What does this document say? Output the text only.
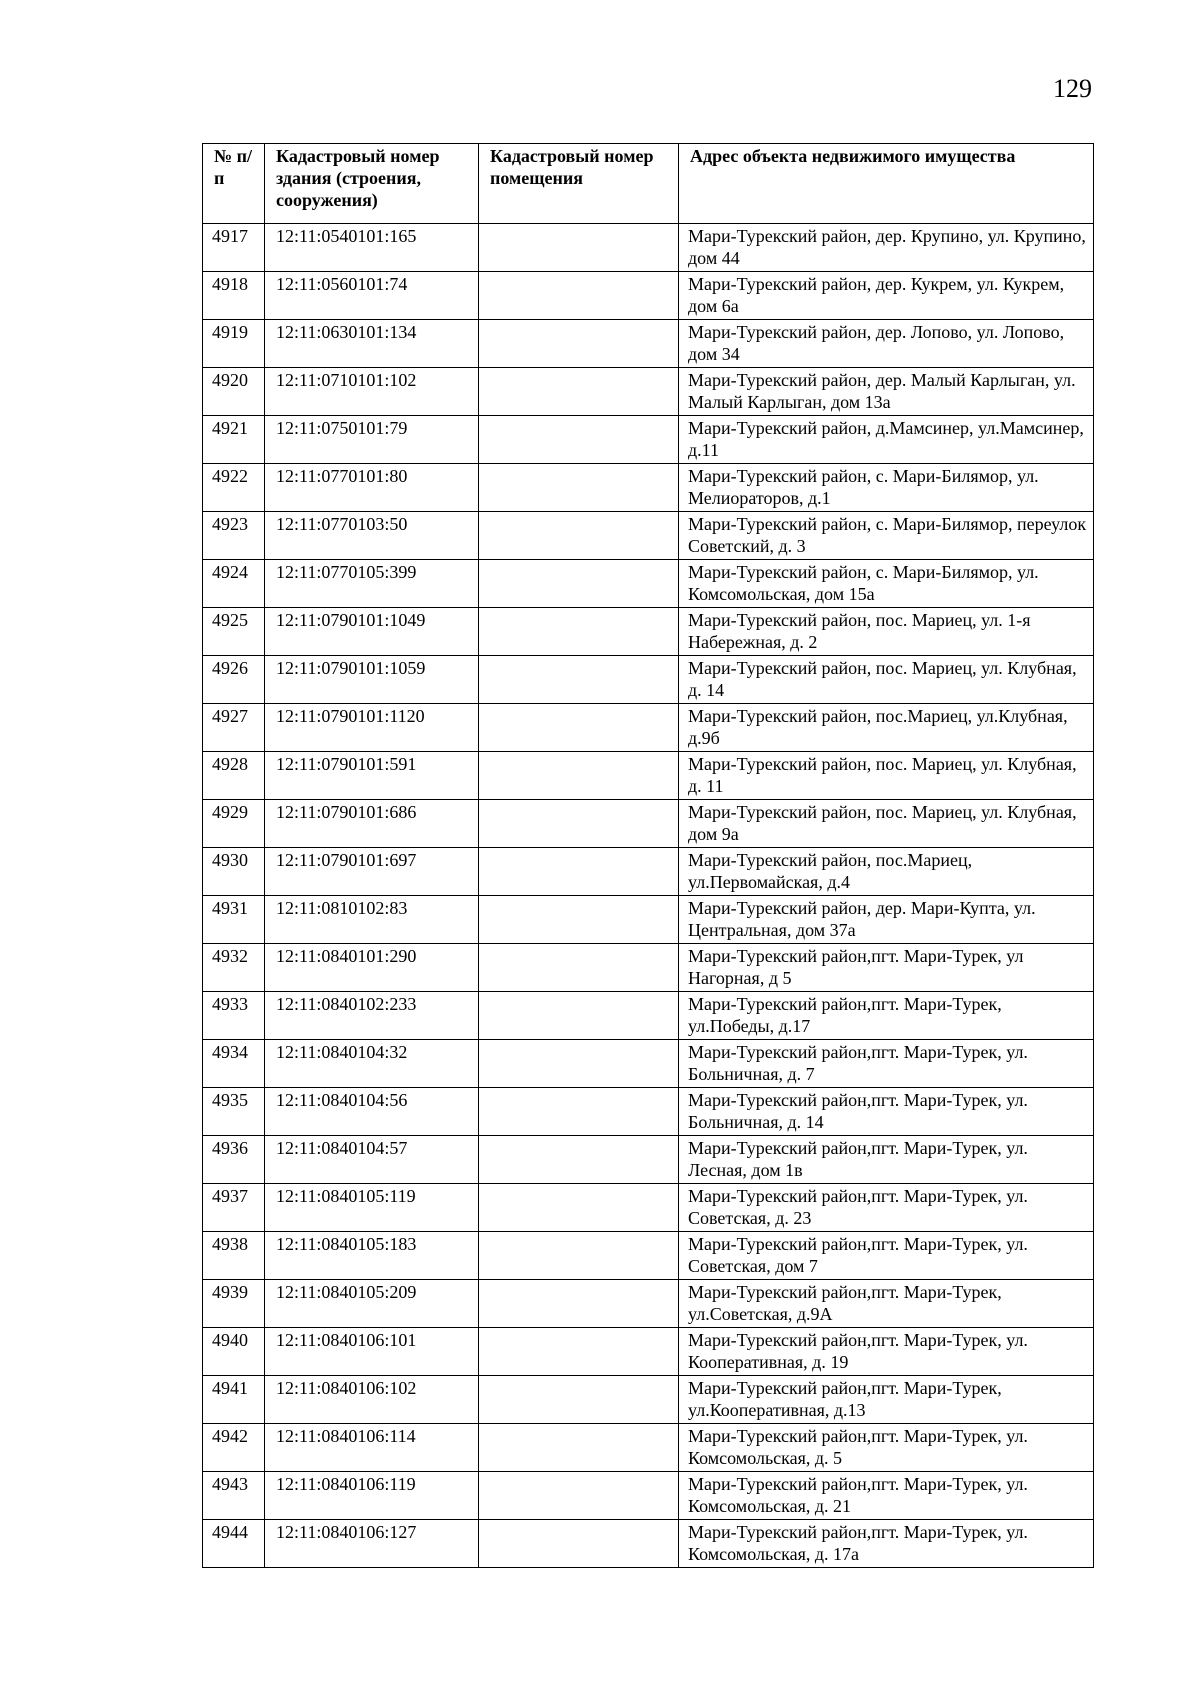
129
№ п/п	Кадастровый номер здания (строения, сооружения)	Кадастровый номер помещения	Адрес объекта недвижимого имущества
4917	12:11:0540101:165		Мари-Турекский район, дер. Крупино, ул. Крупино, дом 44
4918	12:11:0560101:74		Мари-Турекский район, дер. Кукрем, ул. Кукрем, дом 6а
4919	12:11:0630101:134		Мари-Турекский район, дер. Лопово, ул. Лопово, дом 34
4920	12:11:0710101:102		Мари-Турекский район, дер. Малый Карлыган, ул. Малый Карлыган, дом 13а
4921	12:11:0750101:79		Мари-Турекский район, д.Мамсинер, ул.Мамсинер, д.11
4922	12:11:0770101:80		Мари-Турекский район, с. Мари-Билямор, ул. Мелиораторов, д.1
4923	12:11:0770103:50		Мари-Турекский район, с. Мари-Билямор, переулок Советский, д. 3
4924	12:11:0770105:399		Мари-Турекский район, с. Мари-Билямор, ул. Комсомольская, дом 15а
4925	12:11:0790101:1049		Мари-Турекский район, пос. Мариец, ул. 1-я Набережная, д. 2
4926	12:11:0790101:1059		Мари-Турекский район, пос. Мариец, ул. Клубная, д. 14
4927	12:11:0790101:1120		Мари-Турекский район, пос.Мариец, ул.Клубная, д.9б
4928	12:11:0790101:591		Мари-Турекский район, пос. Мариец, ул. Клубная, д. 11
4929	12:11:0790101:686		Мари-Турекский район, пос. Мариец, ул. Клубная, дом 9а
4930	12:11:0790101:697		Мари-Турекский район, пос.Мариец, ул.Первомайская, д.4
4931	12:11:0810102:83		Мари-Турекский район, дер. Мари-Купта, ул. Центральная, дом 37а
4932	12:11:0840101:290		Мари-Турекский район,пгт. Мари-Турек, ул Нагорная, д 5
4933	12:11:0840102:233		Мари-Турекский район,пгт. Мари-Турек, ул.Победы, д.17
4934	12:11:0840104:32		Мари-Турекский район,пгт. Мари-Турек, ул. Больничная, д. 7
4935	12:11:0840104:56		Мари-Турекский район,пгт. Мари-Турек, ул. Больничная, д. 14
4936	12:11:0840104:57		Мари-Турекский район,пгт. Мари-Турек, ул. Лесная, дом 1в
4937	12:11:0840105:119		Мари-Турекский район,пгт. Мари-Турек, ул. Советская, д. 23
4938	12:11:0840105:183		Мари-Турекский район,пгт. Мари-Турек, ул. Советская, дом 7
4939	12:11:0840105:209		Мари-Турекский район,пгт. Мари-Турек, ул.Советская, д.9А
4940	12:11:0840106:101		Мари-Турекский район,пгт. Мари-Турек, ул. Кооперативная, д. 19
4941	12:11:0840106:102		Мари-Турекский район,пгт. Мари-Турек, ул.Кооперативная, д.13
4942	12:11:0840106:114		Мари-Турекский район,пгт. Мари-Турек, ул. Комсомольская, д. 5
4943	12:11:0840106:119		Мари-Турекский район,пгт. Мари-Турек, ул. Комсомольская, д. 21
4944	12:11:0840106:127		Мари-Турекский район,пгт. Мари-Турек, ул. Комсомольская, д. 17а
